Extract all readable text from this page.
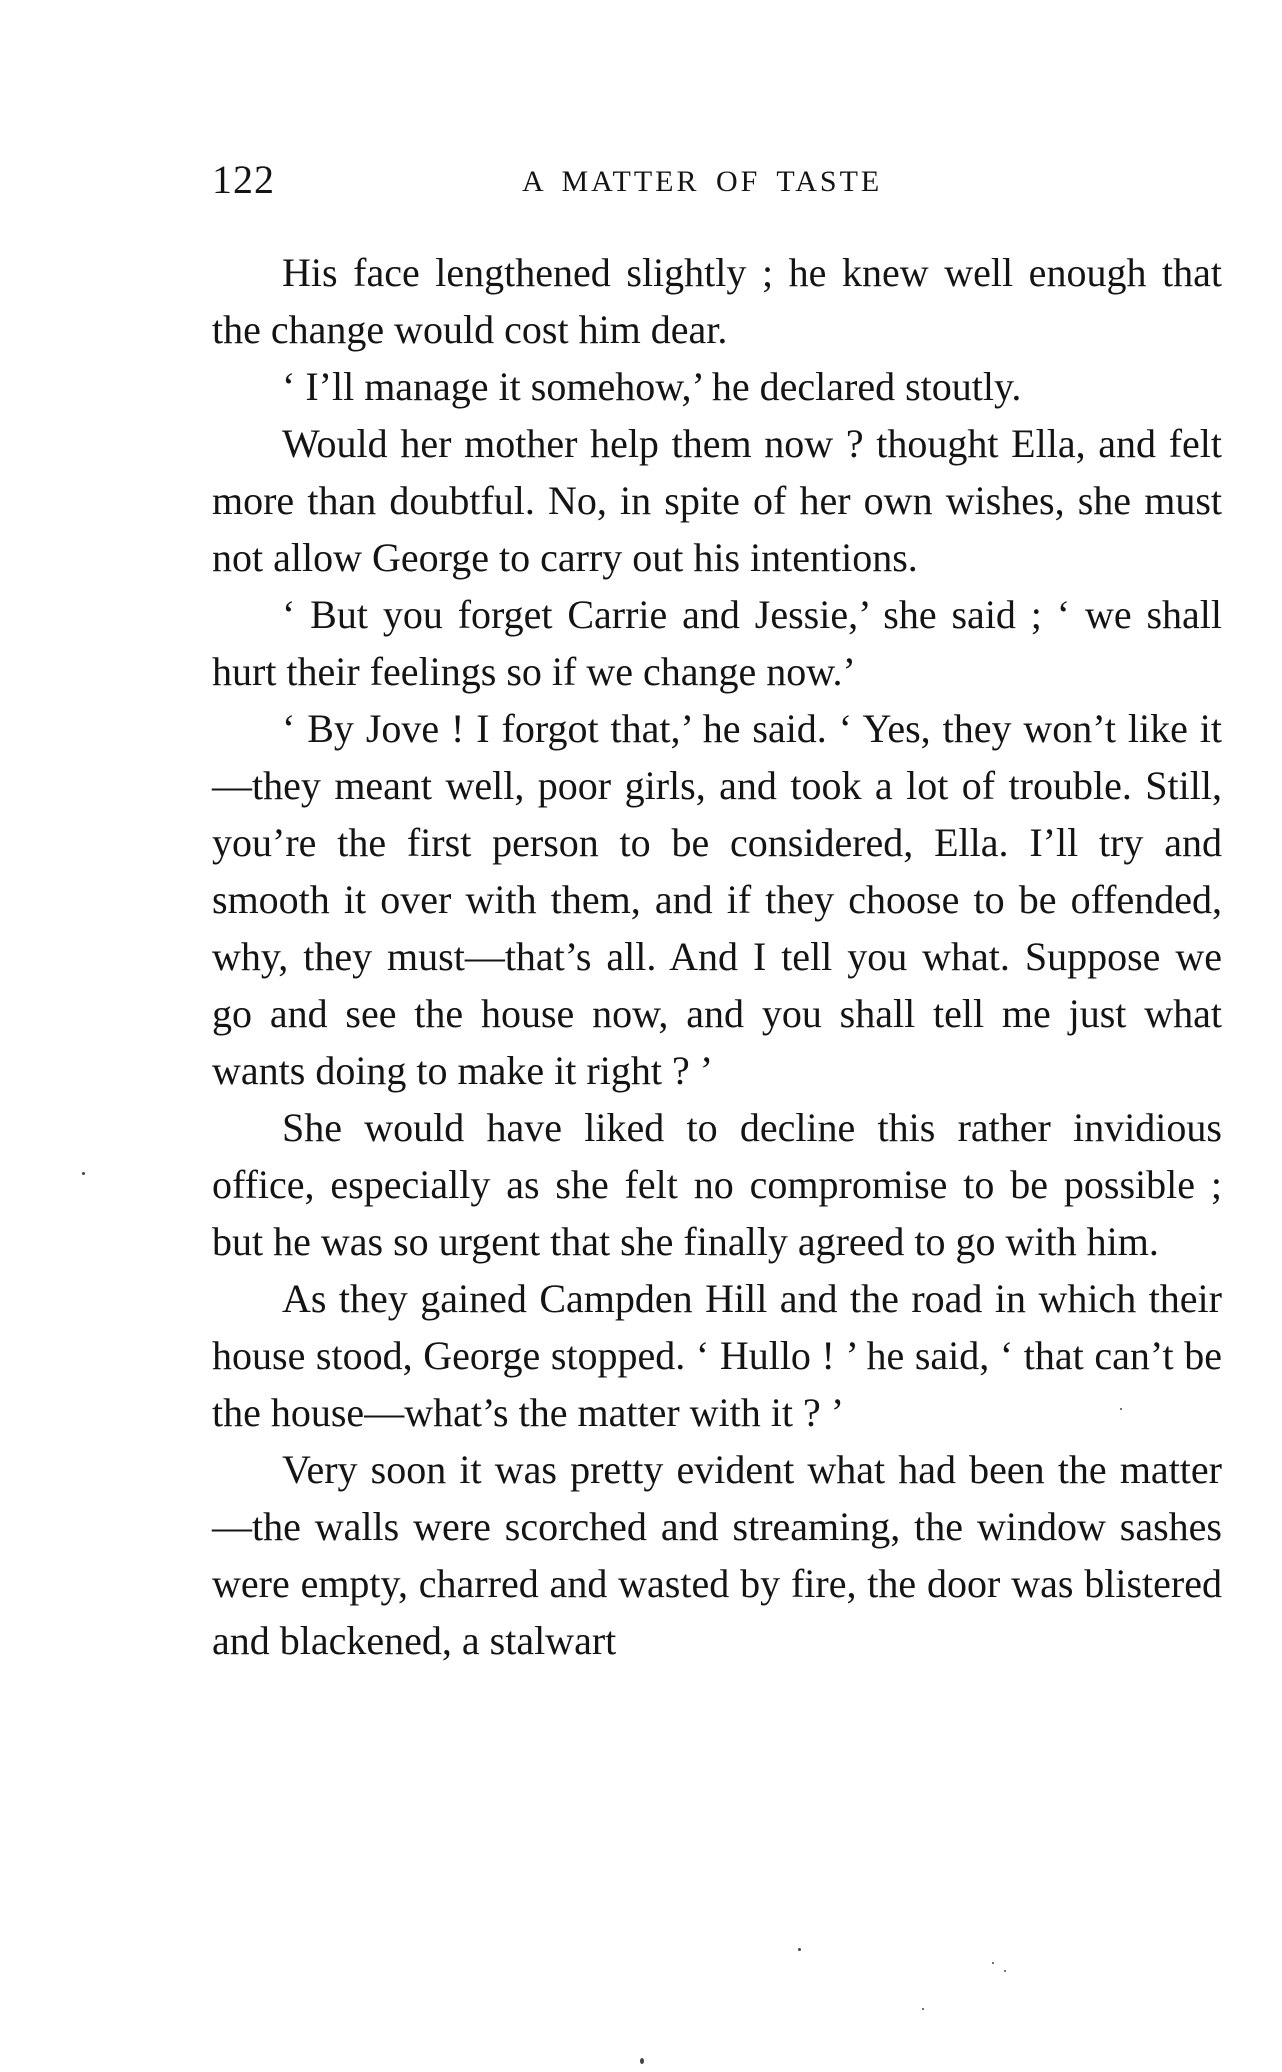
122	A MATTER OF TASTE

His face lengthened slightly ; he knew well enough that the change would cost him dear.

‘ I’ll manage it somehow,’ he declared stoutly.

Would her mother help them now ? thought Ella, and felt more than doubtful. No, in spite of her own wishes, she must not allow George to carry out his intentions.

‘ But you forget Carrie and Jessie,’ she said ; ‘ we shall hurt their feelings so if we change now.’

‘ By Jove ! I forgot that,’ he said. ‘ Yes, they won’t like it—they meant well, poor girls, and took a lot of trouble. Still, you’re the first person to be considered, Ella. I’ll try and smooth it over with them, and if they choose to be offended, why, they must—that’s all. And I tell you what. Suppose we go and see the house now, and you shall tell me just what wants doing to make it right ? ’

She would have liked to decline this rather invidious office, especially as she felt no compromise to be possible ; but he was so urgent that she finally agreed to go with him.

As they gained Campden Hill and the road in which their house stood, George stopped. ‘ Hullo ! ’ he said, ‘ that can’t be the house—what’s the matter with it ? ’

Very soon it was pretty evident what had been the matter—the walls were scorched and streaming, the window sashes were empty, charred and wasted by fire, the door was blistered and blackened, a stalwart
